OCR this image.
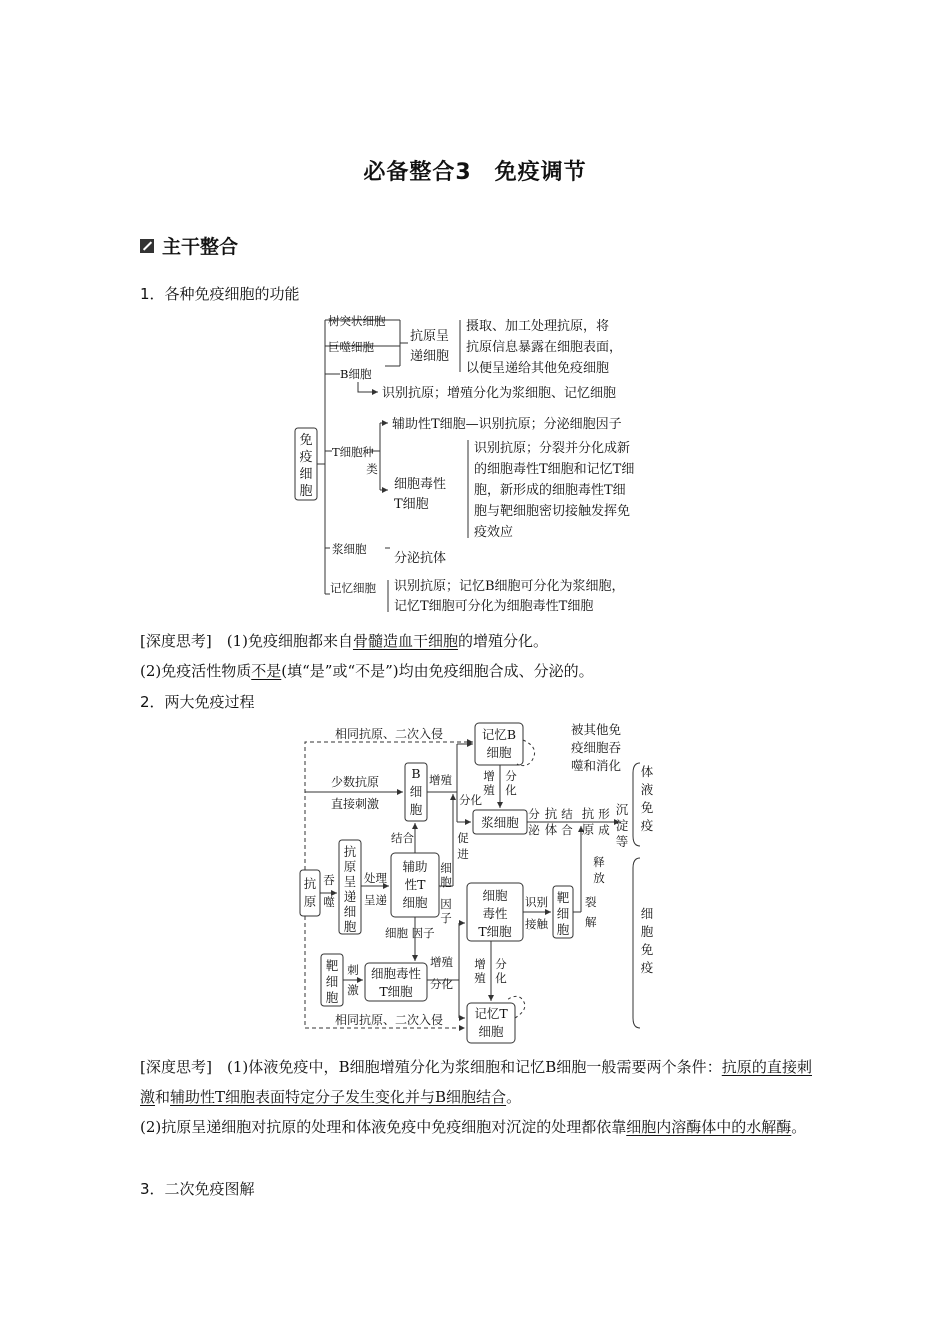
必备整合3　免疫调节
主干整合
1．各种免疫细胞的功能
免
疫
细
胞
树突状细胞
巨噬细胞
B细胞
抗原呈
递细胞
摄取、加工处理抗原，将
抗原信息暴露在细胞表面，
以便呈递给其他免疫细胞
识别抗原；增殖分化为浆细胞、记忆细胞
T细胞 种
类
辅助性T细胞—识别抗原；分泌细胞因子
细胞毒性
T细胞
识别抗原；分裂并分化成新
的细胞毒性T细胞和记忆T细
胞，新形成的细胞毒性T细
胞与靶细胞密切接触发挥免
疫效应
浆细胞
分泌抗体
记忆细胞 识别抗原；记忆B细胞可分化为浆细胞，
记忆T细胞可分化为细胞毒性T细胞
[深度思考]　(1)免疫细胞都来自骨髓造血干细胞的增殖分化。
(2)免疫活性物质不是(填“是”或“不是”)均由免疫细胞合成、分泌的。
2．两大免疫过程
相同抗原、二次入侵
相同抗原、二次入侵
少数抗原
直接刺激
记忆B
细胞
B
细
胞
增殖
分化
增
殖
分
化
浆细胞
分
泌
抗
体
结
合
抗
原
形
成
沉
淀
等
被其他免
疫细胞吞
噬和消化 体
液
免
疫
细
胞
免
疫
释
放
结合	促
进
抗
原
吞
噬
抗
原
呈
递
细
胞
处理
呈递
辅助
性T
细胞
细
胞
因
子
细胞 因子
细胞
毒性
T细胞
识别
接触
靶
细
胞
裂
解
靶
细
胞
刺
激
细胞毒性
T细胞
增殖
分化
增
殖
分
化
记忆T
细胞
[深度思考]　(1)体液免疫中，B细胞增殖分化为浆细胞和记忆B细胞一般需要两个条件：抗原的直接刺激和辅助性T细胞表面特定分子发生变化并与B细胞结合。
(2)抗原呈递细胞对抗原的处理和体液免疫中免疫细胞对沉淀的处理都依靠细胞内溶酶体中的水解酶。
3．二次免疫图解
